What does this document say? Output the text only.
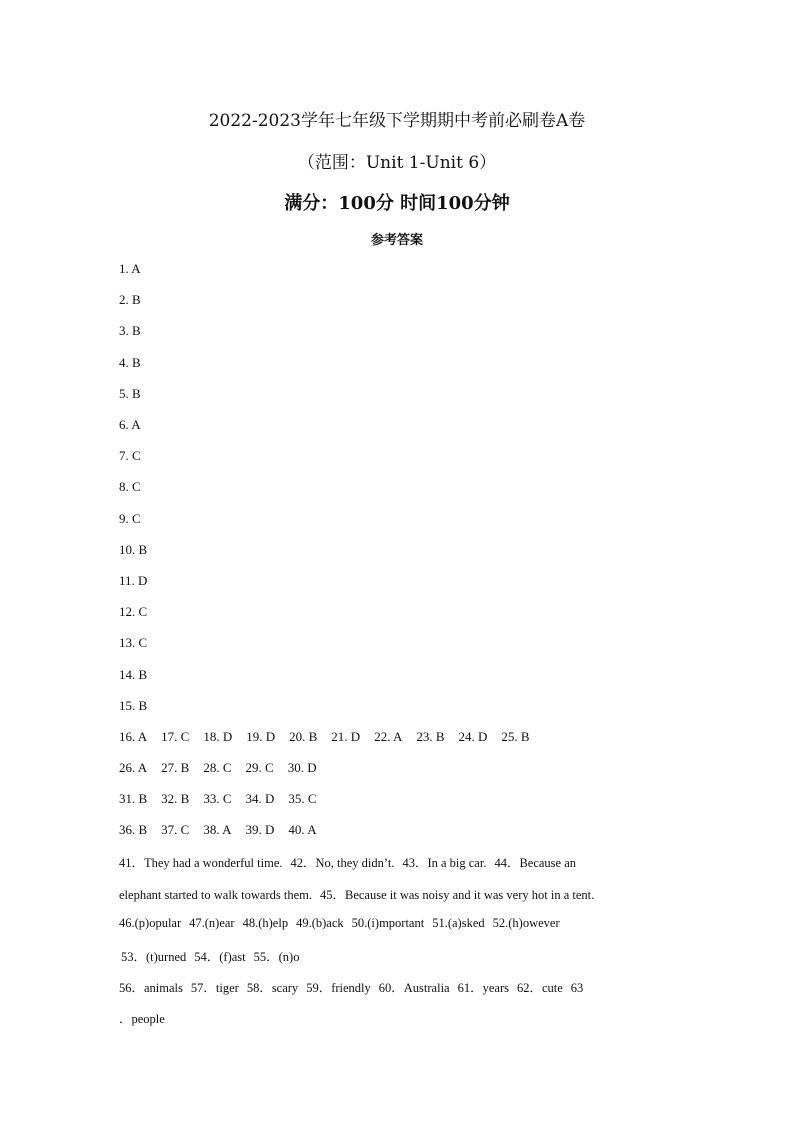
2022-2023学年七年级下学期期中考前必刷卷A卷
（范围：Unit 1-Unit 6）
满分：100分 时间100分钟
参考答案
1. A
2. B
3. B
4. B
5. B
6. A
7. C
8. C
9. C
10. B
11. D
12. C
13. C
14. B
15. B
16. A 17. C 18. D 19. D 20. B 21. D 22. A 23. B 24. D 25. B
26. A 27. B 28. C 29. C 30. D
31. B 32. B 33. C 34. D 35. C
36. B 37. C 38. A 39. D 40. A
41．They had a wonderful time. 42．No, they didn’t. 43．In a big car. 44．Because an
elephant started to walk towards them. 45．Because it was noisy and it was very hot in a tent.
46.(p)opular 47.(n)ear 48.(h)elp 49.(b)ack 50.(i)mportant 51.(a)sked 52.(h)owever
53．(t)urned 54．(f)ast 55．(n)o
56．animals 57．tiger 58．scary 59．friendly 60．Australia 61．years 62．cute 63
．people
